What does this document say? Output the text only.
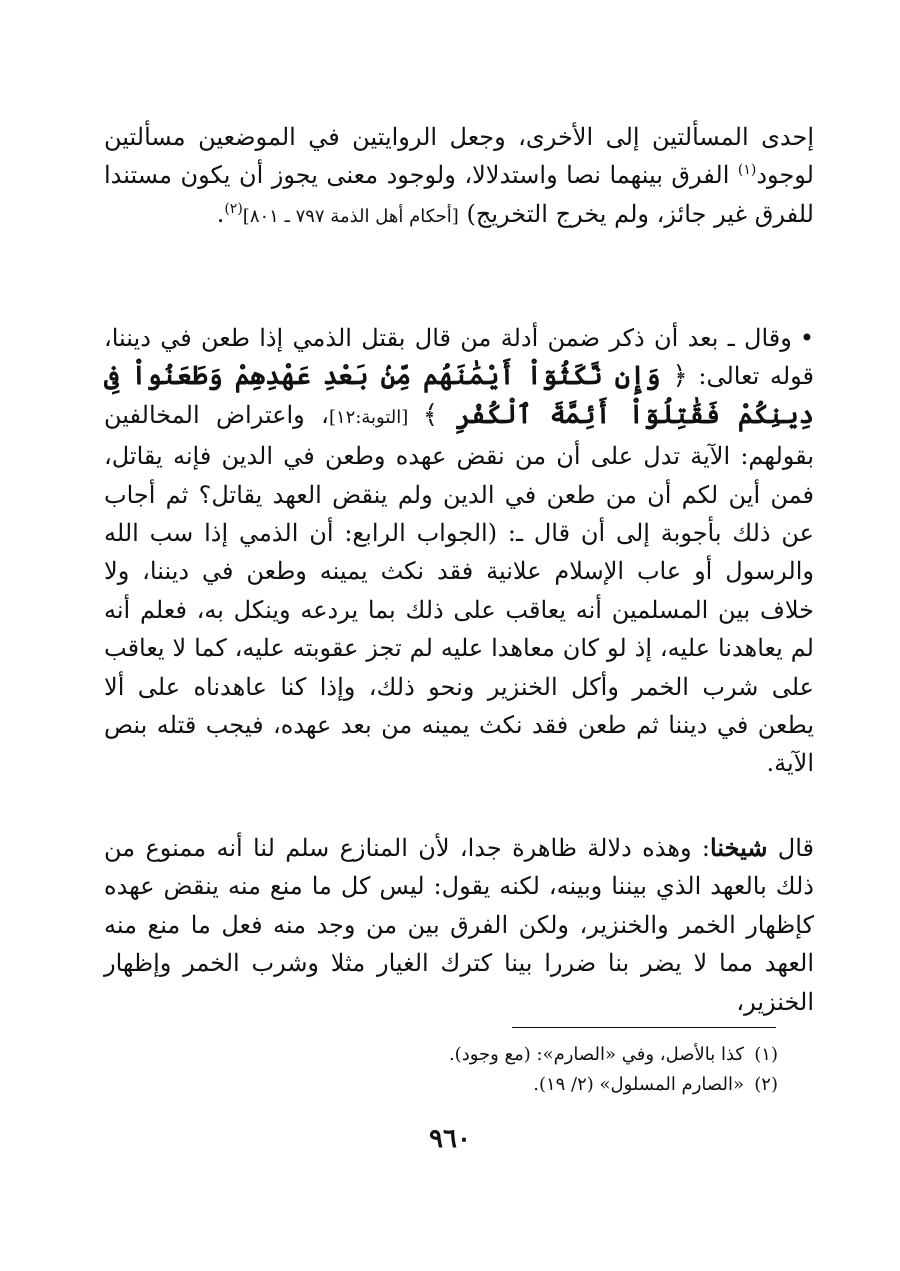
إحدى المسألتين إلى الأخرى، وجعل الروايتين في الموضعين مسألتين لوجود$^{(١)}$ الفرق بينهما نصا واستدلالا، ولوجود معنى يجوز أن يكون مستندا للفرق غير جائز، ولم يخرج التخريج) [أحكام أهل الذمة ٧٩٧ ـ ٨٠١]$^{(٢)}$.

•وقال ـ بعد أن ذكر ضمن أدلة من قال بقتل الذمي إذا طعن في ديننا، قوله تعالى: ﴿ وَإِن نَّكَثُوٓاْ أَيْمَٰنَهُم مِّنۢ بَعْدِ عَهْدِهِمْ وَطَعَنُواْ فِى دِينِكُمْ فَقَٰتِلُوٓاْ أَئِمَّةَ ٱلْكُفْرِ ﴾ [التوبة:١٢]، واعتراض المخالفين بقولهم: الآية تدل على أن من نقض عهده وطعن في الدين فإنه يقاتل، فمن أين لكم أن من طعن في الدين ولم ينقض العهد يقاتل؟ ثم أجاب عن ذلك بأجوبة إلى أن قال ـ: (الجواب الرابع: أن الذمي إذا سب الله والرسول أو عاب الإسلام علانية فقد نكث يمينه وطعن في ديننا، ولا خلاف بين المسلمين أنه يعاقب على ذلك بما يردعه وينكل به، فعلم أنه لم يعاهدنا عليه، إذ لو كان معاهدا عليه لم تجز عقوبته عليه، كما لا يعاقب على شرب الخمر وأكل الخنزير ونحو ذلك، وإذا كنا عاهدناه على ألا يطعن في ديننا ثم طعن فقد نكث يمينه من بعد عهده، فيجب قتله بنص الآية.

قال شيخنا: وهذه دلالة ظاهرة جدا، لأن المنازع سلم لنا أنه ممنوع من ذلك بالعهد الذي بيننا وبينه، لكنه يقول: ليس كل ما منع منه ينقض عهده كإظهار الخمر والخنزير، ولكن الفرق بين من وجد منه فعل ما منع منه العهد مما لا يضر بنا ضررا بينا كترك الغيار مثلا وشرب الخمر وإظهار الخنزير،

(١)كذا بالأصل، وفي «الصارم»: (مع وجود).

(٢)«الصارم المسلول» (٢/ ١٩).

٩٦٠
